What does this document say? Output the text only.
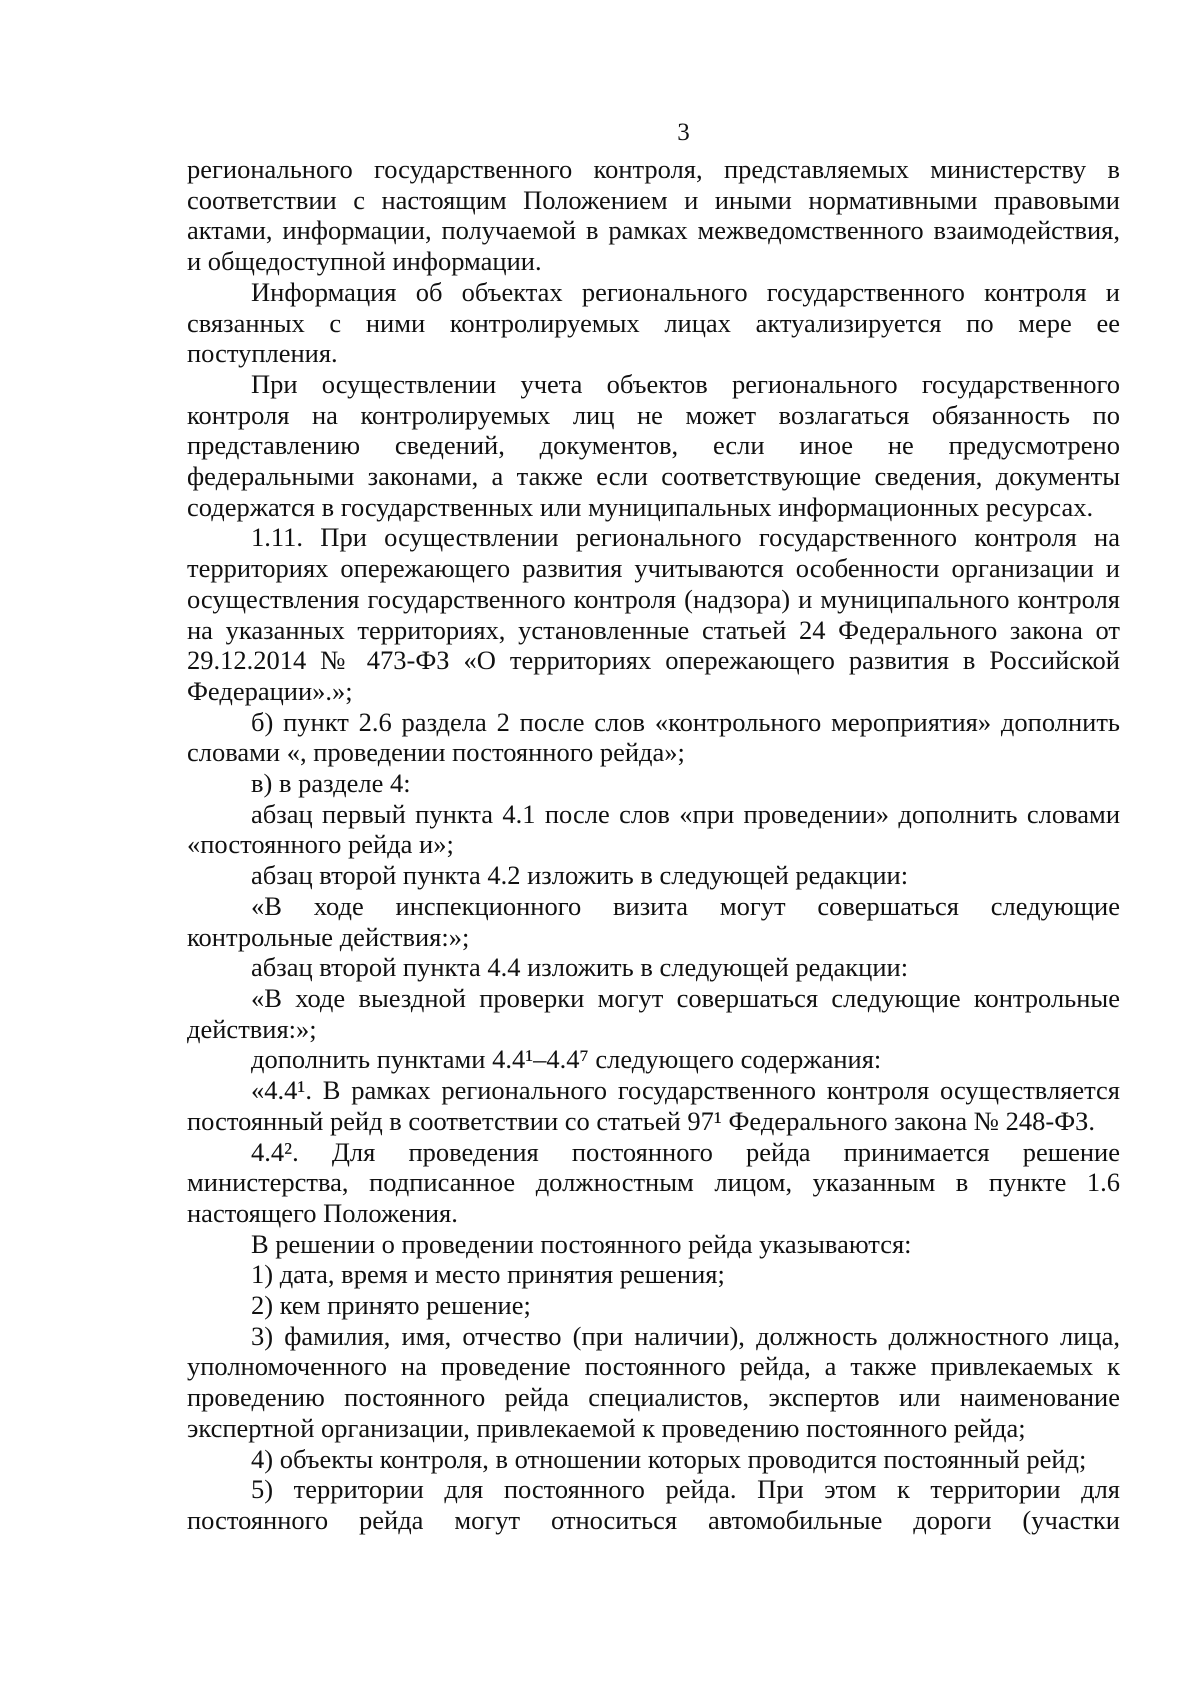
3

регионального государственного контроля, представляемых министерству в соответствии с настоящим Положением и иными нормативными правовыми актами, информации, получаемой в рамках межведомственного взаимодействия, и общедоступной информации.

Информация об объектах регионального государственного контроля и связанных с ними контролируемых лицах актуализируется по мере ее поступления.

При осуществлении учета объектов регионального государственного контроля на контролируемых лиц не может возлагаться обязанность по представлению сведений, документов, если иное не предусмотрено федеральными законами, а также если соответствующие сведения, документы содержатся в государственных или муниципальных информационных ресурсах.

1.11. При осуществлении регионального государственного контроля на территориях опережающего развития учитываются особенности организации и осуществления государственного контроля (надзора) и муниципального контроля на указанных территориях, установленные статьей 24 Федерального закона от 29.12.2014 № 473-ФЗ «О территориях опережающего развития в Российской Федерации».»;

б) пункт 2.6 раздела 2 после слов «контрольного мероприятия» дополнить словами «, проведении постоянного рейда»;

в) в разделе 4:

абзац первый пункта 4.1 после слов «при проведении» дополнить словами «постоянного рейда и»;

абзац второй пункта 4.2 изложить в следующей редакции:

«В ходе инспекционного визита могут совершаться следующие контрольные действия:»;

абзац второй пункта 4.4 изложить в следующей редакции:

«В ходе выездной проверки могут совершаться следующие контрольные действия:»;

дополнить пунктами 4.4¹–4.4⁷ следующего содержания:

«4.4¹. В рамках регионального государственного контроля осуществляется постоянный рейд в соответствии со статьей 97¹ Федерального закона № 248-ФЗ.

4.4². Для проведения постоянного рейда принимается решение министерства, подписанное должностным лицом, указанным в пункте 1.6 настоящего Положения.

В решении о проведении постоянного рейда указываются:

1) дата, время и место принятия решения;

2) кем принято решение;

3) фамилия, имя, отчество (при наличии), должность должностного лица, уполномоченного на проведение постоянного рейда, а также привлекаемых к проведению постоянного рейда специалистов, экспертов или наименование экспертной организации, привлекаемой к проведению постоянного рейда;

4) объекты контроля, в отношении которых проводится постоянный рейд;

5) территории для постоянного рейда. При этом к территории для постоянного рейда могут относиться автомобильные дороги (участки
